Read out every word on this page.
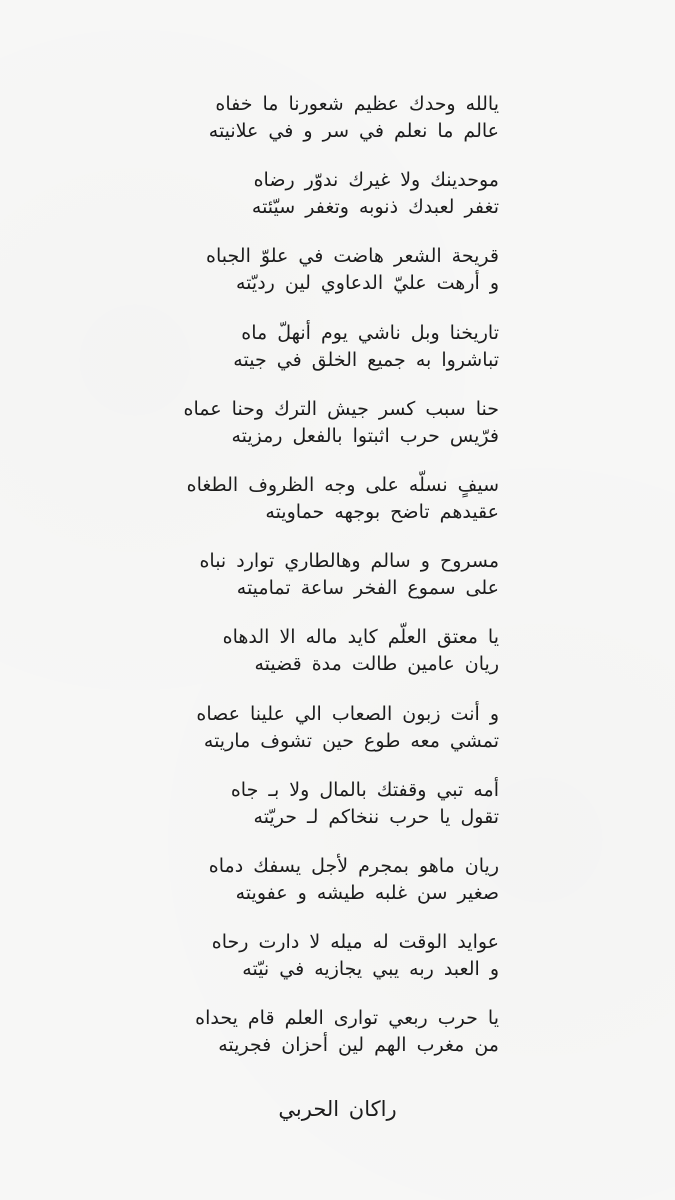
يالله وحدك عظيم شعورنا ما خفاه
عالم ما نعلم في سر و في علانيته
موحدينك ولا غيرك ندوّر رضاه
تغفر لعبدك ذنوبه وتغفر سيّئته
قريحة الشعر هاضت في علوّ الجباه
و أرهت عليّ الدعاوي لين رديّته
تاريخنا وبل ناشي يوم أنهلّ ماه
تباشروا به جميع الخلق في جيته
حنا سبب كسر جيش الترك وحنا عماه
فرّيس حرب اثبتوا بالفعل رمزيته
سيفٍ نسلّه على وجه الظروف الطغاه
عقيدهم تاضح بوجهه حماويته
مسروح و سالم وهالطاري توارد نباه
على سموع الفخر ساعة تماميته
يا معتق العلّم كايد ماله الا الدهاه
ريان عامين طالت مدة قضيته
و أنت زبون الصعاب الي علينا عصاه
تمشي معه طوع حين تشوف ماريته
أمه تبي وقفتك بالمال ولا بـ جاه
تقول يا حرب ننخاكم لـ حريّته
ريان ماهو بمجرم لأجل يسفك دماه
صغير سن غلبه طيشه و عفويته
عوايد الوقت له ميله لا دارت رحاه
و العبد ربه يبي يجازيه في نيّته
يا حرب ربعي توارى العلم قام يحداه
من مغرب الهم لين أحزان فجريته
راكان الحربي
